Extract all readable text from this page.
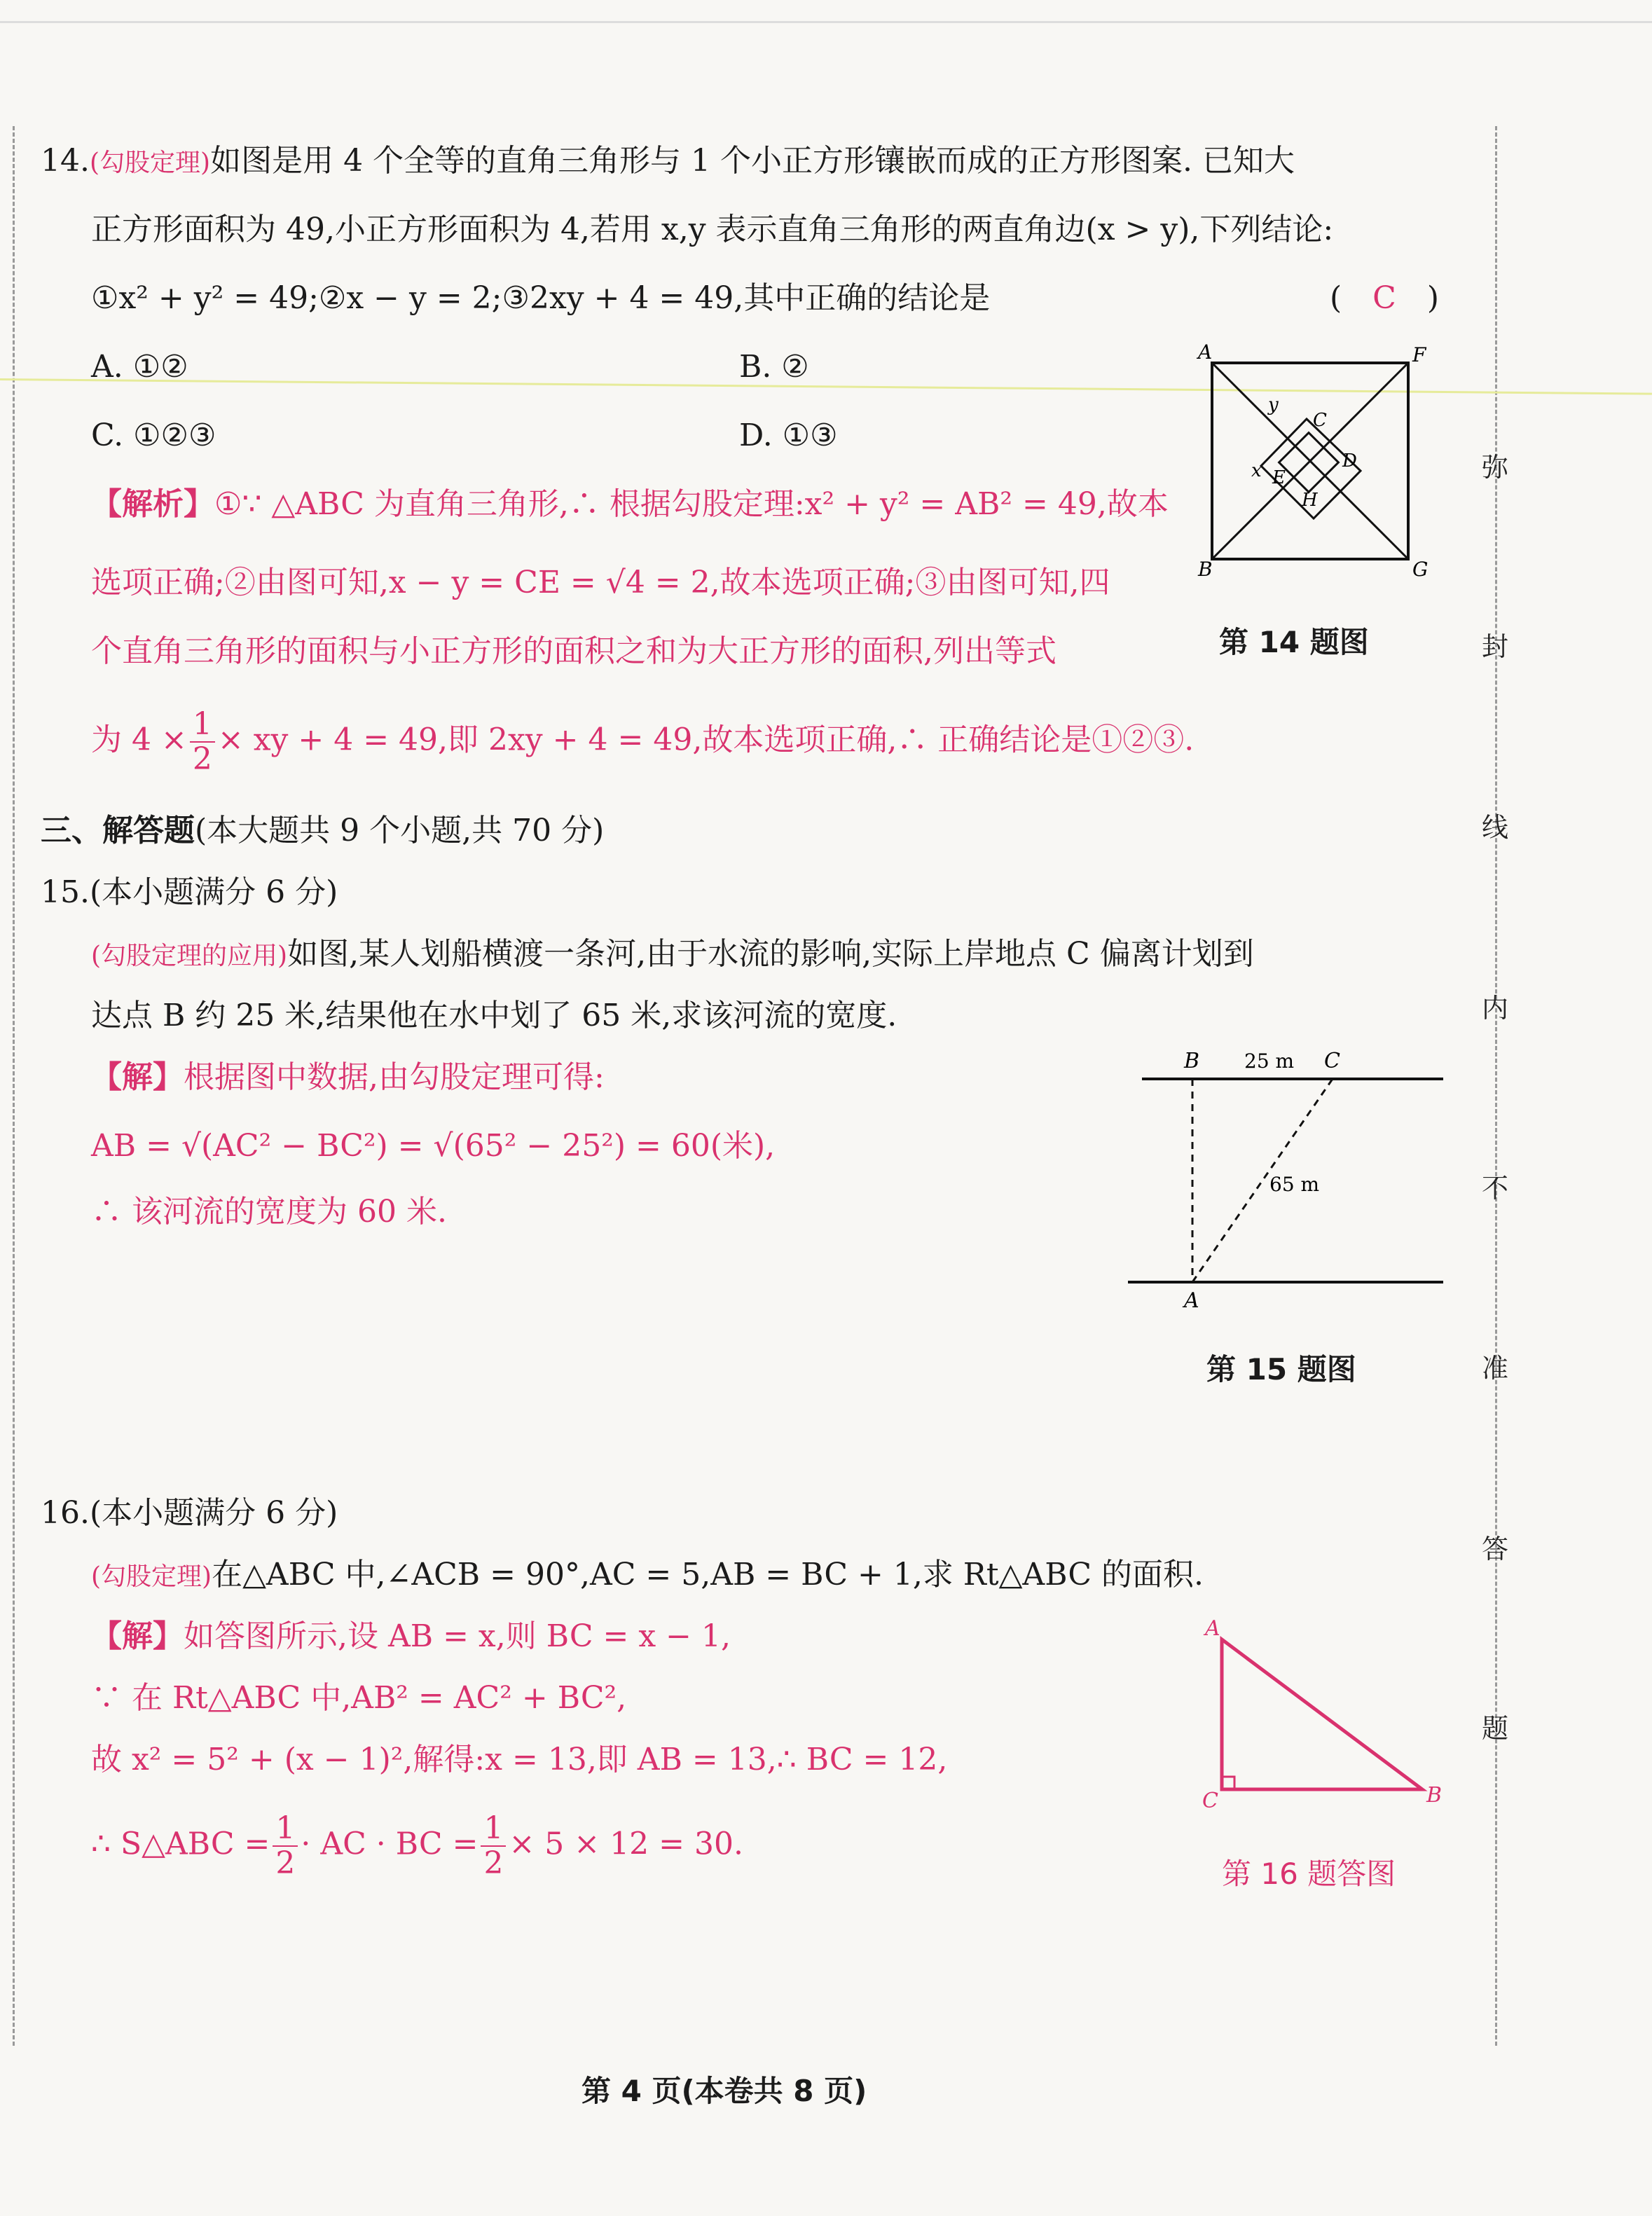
弥
封
线
内
不
准
答
题
14.(勾股定理)如图是用 4 个全等的直角三角形与 1 个小正方形镶嵌而成的正方形图案. 已知大
正方形面积为 49,小正方形面积为 4,若用 x,y 表示直角三角形的两直角边(x > y),下列结论:
①x² + y² = 49;②x − y = 2;③2xy + 4 = 49,其中正确的结论是	( C )
A. ①②	B. ②
C. ①②③	D. ①③
【解析】①∵ △ABC 为直角三角形,∴ 根据勾股定理:x² + y² = AB² = 49,故本
选项正确;②由图可知,x − y = CE = √4 = 2,故本选项正确;③由图可知,四
个直角三角形的面积与小正方形的面积之和为大正方形的面积,列出等式
为 $4 \times \frac{1}{2}$ × xy + 4 = 49,即 2xy + 4 = 49,故本选项正确,∴ 正确结论是①②③.
A	F
B	G
C
D
E
H
x
y
第 14 题图
三、解答题(本大题共 9 个小题,共 70 分)
15.(本小题满分 6 分)
(勾股定理的应用)如图,某人划船横渡一条河,由于水流的影响,实际上岸地点 C 偏离计划到
达点 B 约 25 米,结果他在水中划了 65 米,求该河流的宽度.
【解】根据图中数据,由勾股定理可得:
AB = √(AC² − BC²) = √(65² − 25²) = 60(米),
∴ 该河流的宽度为 60 米.
B	C
A
25 m
65 m
第 15 题图
16.(本小题满分 6 分)
(勾股定理)在△ABC 中,∠ACB = 90°,AC = 5,AB = BC + 1,求 Rt△ABC 的面积.
【解】如答图所示,设 AB = x,则 BC = x − 1,
∵ 在 Rt△ABC 中,AB² = AC² + BC²,
故 x² = 5² + (x − 1)²,解得:x = 13,即 AB = 13,∴ BC = 12,
∴ S△ABC = $\frac{1}{2}$ · AC · BC = $\frac{1}{2} \times 5 \times 12 = 30$.
A
B
C
第 16 题答图
第 4 页(本卷共 8 页)
